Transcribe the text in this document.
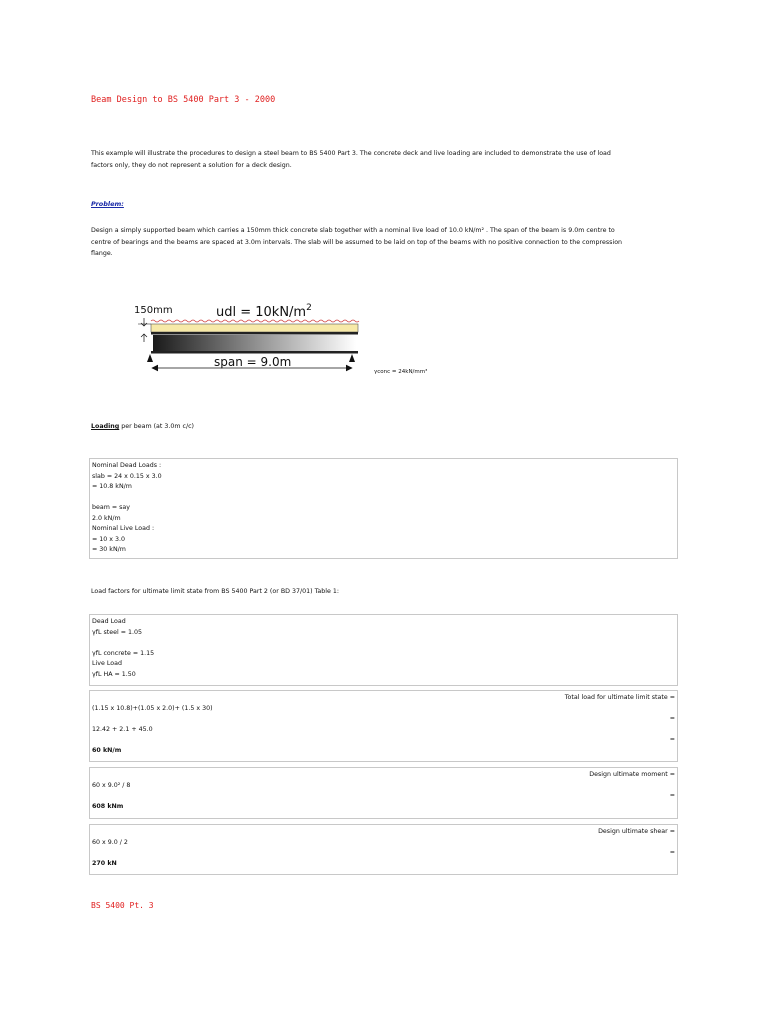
Beam Design to BS 5400 Part 3 - 2000
This example will illustrate the procedures to design a steel beam to BS 5400 Part 3. The concrete deck and live loading are included to demonstrate the use of load
factors only, they do not represent a solution for a deck design.
Problem:
Design a simply supported beam which carries a 150mm thick concrete slab together with a nominal live load of 10.0 kN/m² . The span of the beam is 9.0m centre to
centre of bearings and the beams are spaced at 3.0m intervals. The slab will be assumed to be laid on top of the beams with no positive connection to the compression
flange.
150mm	udl = $10kN/m^2$
span = 9.0m
γconc = 24kN/mm³
Loading per beam (at 3.0m c/c)
Nominal Dead Loads :
slab = 24 x 0.15 x 3.0
= 10.8 kN/m
beam = say
2.0 kN/m
Nominal Live Load :
= 10 x 3.0
= 30 kN/m
Load factors for ultimate limit state from BS 5400 Part 2 (or BD 37/01) Table 1:
Dead Load
γfL steel = 1.05
γfL concrete = 1.15
Live Load
γfL HA = 1.50
Total load for ultimate limit state =
(1.15 x 10.8)+(1.05 x 2.0)+ (1.5 x 30)
=
12.42 + 2.1 + 45.0
=
60 kN/m
Design ultimate moment =
60 x 9.0² / 8
=
608 kNm
Design ultimate shear =
60 x 9.0 / 2
=
270 kN
BS 5400 Pt. 3
